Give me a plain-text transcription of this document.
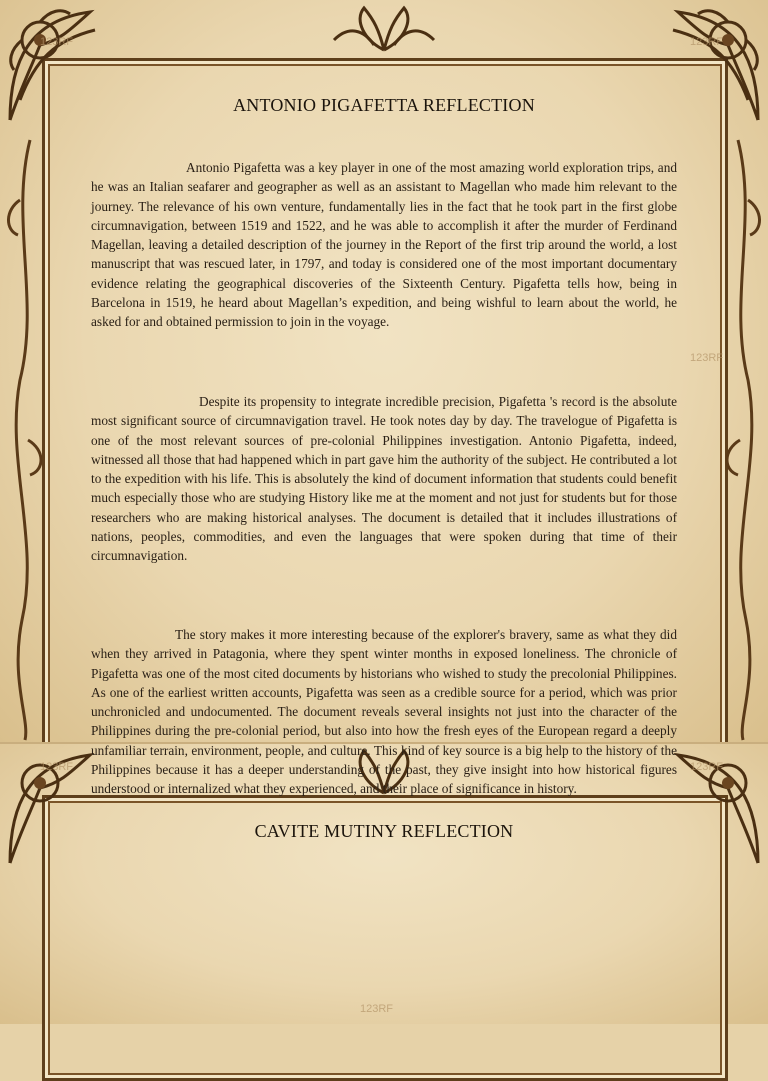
123RF	123RF
123RF
ANTONIO PIGAFETTA REFLECTION

Antonio Pigafetta was a key player in one of the most amazing world exploration trips, and he was an Italian seafarer and geographer as well as an assistant to Magellan who made him relevant to the journey. The relevance of his own venture, fundamentally lies in the fact that he took part in the first globe circumnavigation, between 1519 and 1522, and he was able to accomplish it after the murder of Ferdinand Magellan, leaving a detailed description of the journey in the Report of the first trip around the world, a lost manuscript that was rescued later, in 1797, and today is considered one of the most important documentary evidence relating the geographical discoveries of the Sixteenth Century. Pigafetta tells how, being in Barcelona in 1519, he heard about Magellan’s expedition, and being wishful to learn about the world, he asked for and obtained permission to join in the voyage.

Despite its propensity to integrate incredible precision, Pigafetta 's record is the absolute most significant source of circumnavigation travel. He took notes day by day. The travelogue of Pigafetta is one of the most relevant sources of pre-colonial Philippines investigation. Antonio Pigafetta, indeed, witnessed all those that had happened which in part gave him the authority of the subject. He contributed a lot to the expedition with his life. This is absolutely the kind of document information that students could benefit much especially those who are studying History like me at the moment and not just for students but for those researchers who are making historical analyses. The document is detailed that it includes illustrations of nations, peoples, commodities, and even the languages that were spoken during that time of their circumnavigation.

The story makes it more interesting because of the explorer's bravery, same as what they did when they arrived in Patagonia, where they spent winter months in exposed loneliness. The chronicle of Pigafetta was one of the most cited documents by historians who wished to study the precolonial Philippines. As one of the earliest written accounts, Pigafetta was seen as a credible source for a period, which was prior unchronicled and undocumented. The document reveals several insights not just into the character of the Philippines during the pre-colonial period, but also into how the fresh eyes of the European regard a deeply unfamiliar terrain, environment, people, and culture. This kind of key source is a big help to the history of the Philippines because it has a deeper understanding of the past, they give insight into how historical figures understood or internalized what they experienced, and their place of significance in history.

123RF	123RF
123RF
CAVITE MUTINY REFLECTION
